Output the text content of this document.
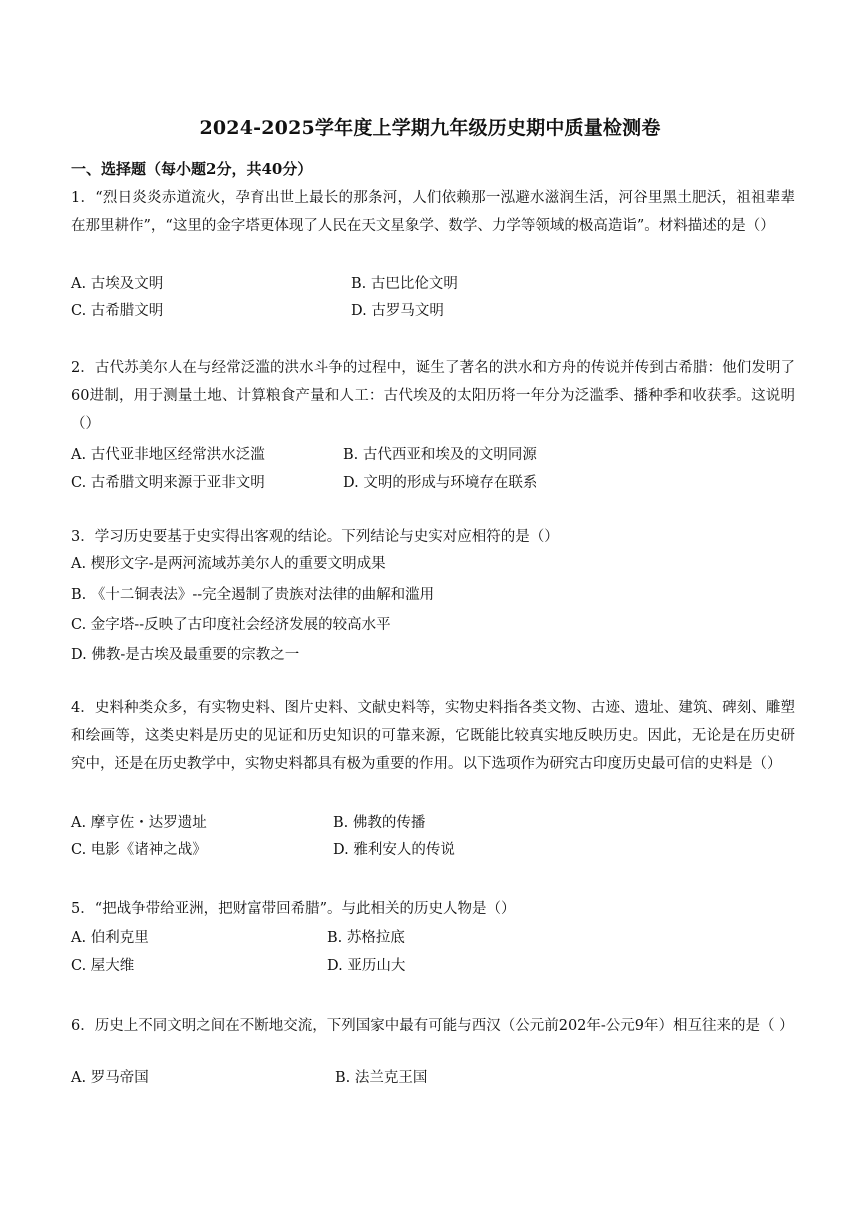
2024-2025学年度上学期九年级历史期中质量检测卷
一、选择题（每小题2分，共40分）
1．“烈日炎炎赤道流火，孕育出世上最长的那条河，人们依赖那一泓避水滋润生活，河谷里黑土肥沃，祖祖辈辈在那里耕作”，“这里的金字塔更体现了人民在天文星象学、数学、力学等领域的极高造诣”。材料描述的是（）
A. 古埃及文明	B. 古巴比伦文明
C. 古希腊文明	D. 古罗马文明
2．古代苏美尔人在与经常泛滥的洪水斗争的过程中，诞生了著名的洪水和方舟的传说并传到古希腊：他们发明了60进制，用于测量土地、计算粮食产量和人工：古代埃及的太阳历将一年分为泛滥季、播种季和收获季。这说明（）
A. 古代亚非地区经常洪水泛滥	B. 古代西亚和埃及的文明同源
C. 古希腊文明来源于亚非文明	D. 文明的形成与环境存在联系
3．学习历史要基于史实得出客观的结论。下列结论与史实对应相符的是（）
A. 楔形文字-是两河流域苏美尔人的重要文明成果
B. 《十二铜表法》--完全遏制了贵族对法律的曲解和滥用
C. 金字塔--反映了古印度社会经济发展的较高水平
D. 佛教-是古埃及最重要的宗教之一
4．史料种类众多，有实物史料、图片史料、文献史料等，实物史料指各类文物、古迹、遗址、建筑、碑刻、雕塑和绘画等，这类史料是历史的见证和历史知识的可靠来源，它既能比较真实地反映历史。因此，无论是在历史研究中，还是在历史教学中，实物史料都具有极为重要的作用。以下选项作为研究古印度历史最可信的史料是（）
A. 摩亨佐・达罗遗址	B. 佛教的传播
C. 电影《诸神之战》	D. 雅利安人的传说
5．“把战争带给亚洲，把财富带回希腊”。与此相关的历史人物是（）
A. 伯利克里	B. 苏格拉底
C. 屋大维	D. 亚历山大
6．历史上不同文明之间在不断地交流，下列国家中最有可能与西汉（公元前202年-公元9年）相互往来的是（ ）
A. 罗马帝国	B. 法兰克王国
